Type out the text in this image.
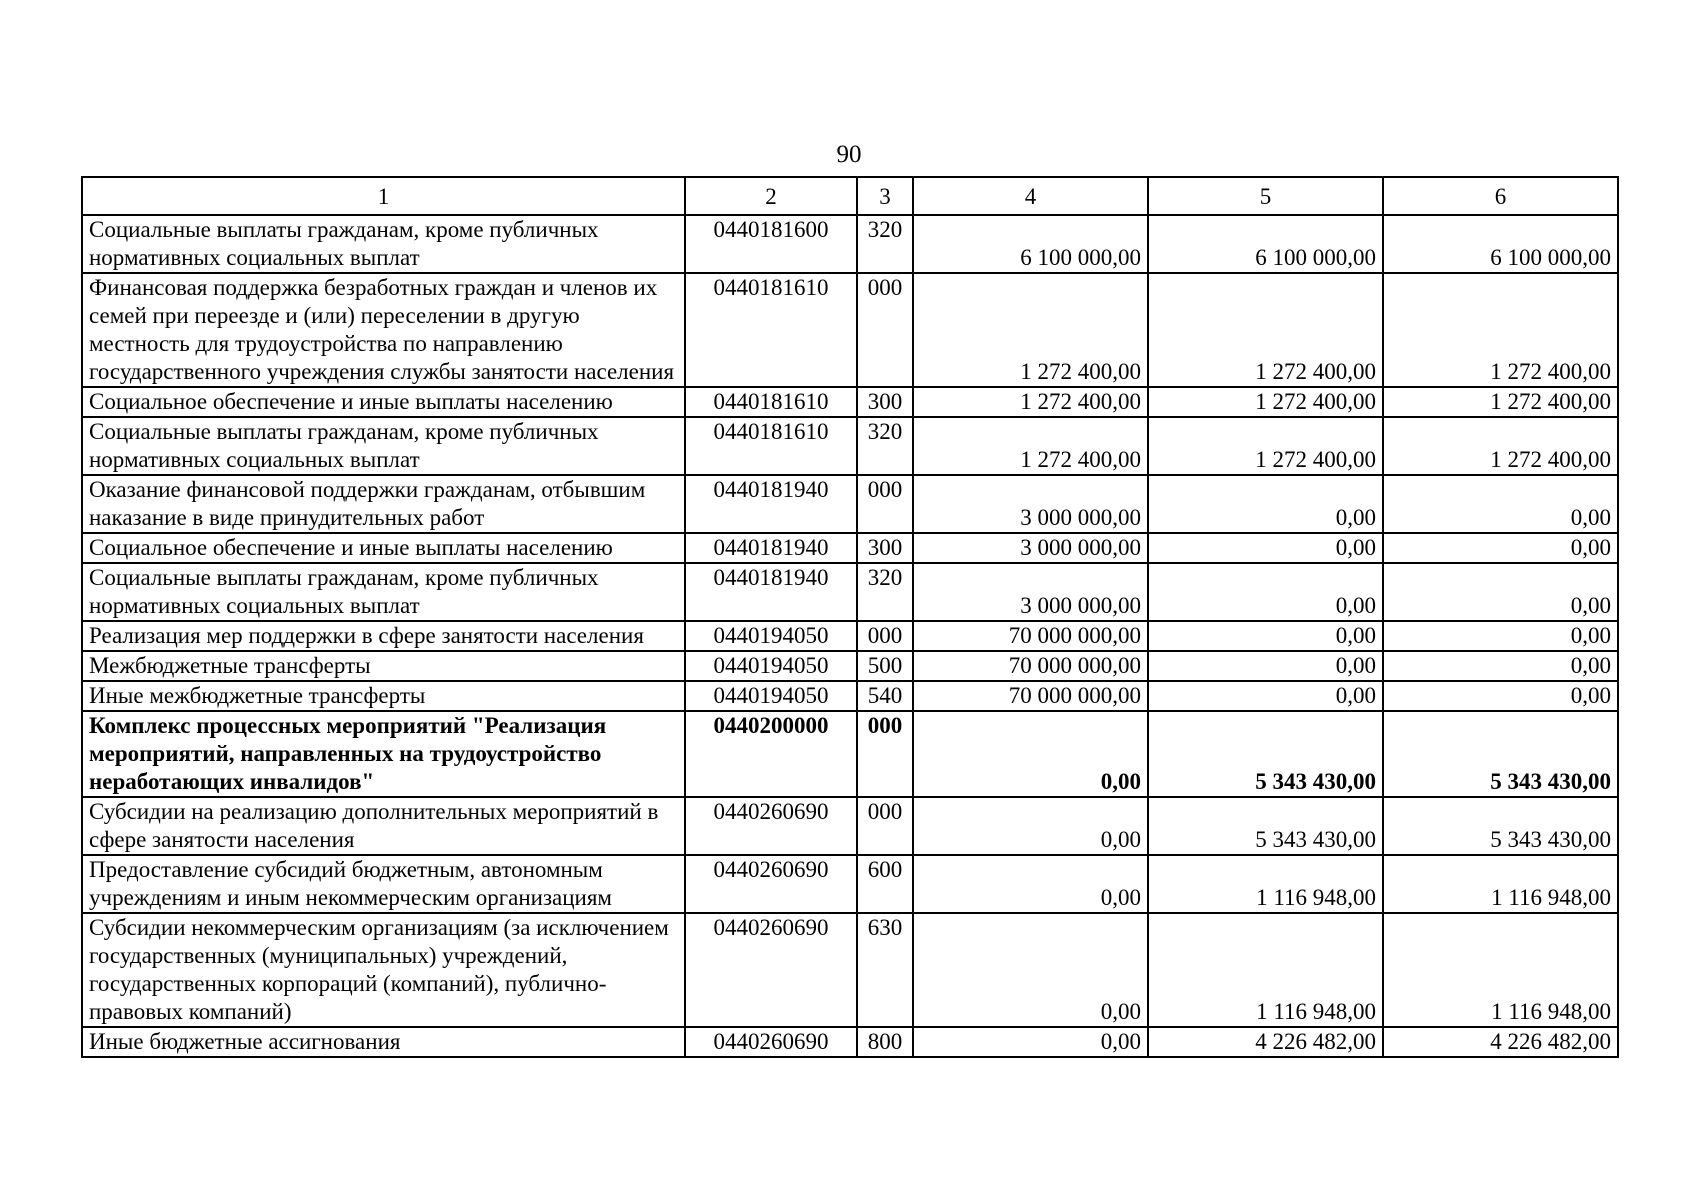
90
1	2	3	4	5	6
Социальные выплаты гражданам, кроме публичных нормативных социальных выплат	0440181600	320	6 100 000,00	6 100 000,00	6 100 000,00
Финансовая поддержка безработных граждан и членов их семей при переезде и (или) переселении в другую местность для трудоустройства по направлению государственного учреждения службы занятости населения	0440181610	000	1 272 400,00	1 272 400,00	1 272 400,00
Социальное обеспечение и иные выплаты населению	0440181610	300	1 272 400,00	1 272 400,00	1 272 400,00
Социальные выплаты гражданам, кроме публичных нормативных социальных выплат	0440181610	320	1 272 400,00	1 272 400,00	1 272 400,00
Оказание финансовой поддержки гражданам, отбывшим наказание в виде принудительных работ	0440181940	000	3 000 000,00	0,00	0,00
Социальное обеспечение и иные выплаты населению	0440181940	300	3 000 000,00	0,00	0,00
Социальные выплаты гражданам, кроме публичных нормативных социальных выплат	0440181940	320	3 000 000,00	0,00	0,00
Реализация мер поддержки в сфере занятости населения	0440194050	000	70 000 000,00	0,00	0,00
Межбюджетные трансферты	0440194050	500	70 000 000,00	0,00	0,00
Иные межбюджетные трансферты	0440194050	540	70 000 000,00	0,00	0,00
Комплекс процессных мероприятий "Реализация мероприятий, направленных на трудоустройство неработающих инвалидов"	0440200000	000	0,00	5 343 430,00	5 343 430,00
Субсидии на реализацию дополнительных мероприятий в сфере занятости населения	0440260690	000	0,00	5 343 430,00	5 343 430,00
Предоставление субсидий бюджетным, автономным учреждениям и иным некоммерческим организациям	0440260690	600	0,00	1 116 948,00	1 116 948,00
Субсидии некоммерческим организациям (за исключением государственных (муниципальных) учреждений, государственных корпораций (компаний), публично-правовых компаний)	0440260690	630	0,00	1 116 948,00	1 116 948,00
Иные бюджетные ассигнования	0440260690	800	0,00	4 226 482,00	4 226 482,00
